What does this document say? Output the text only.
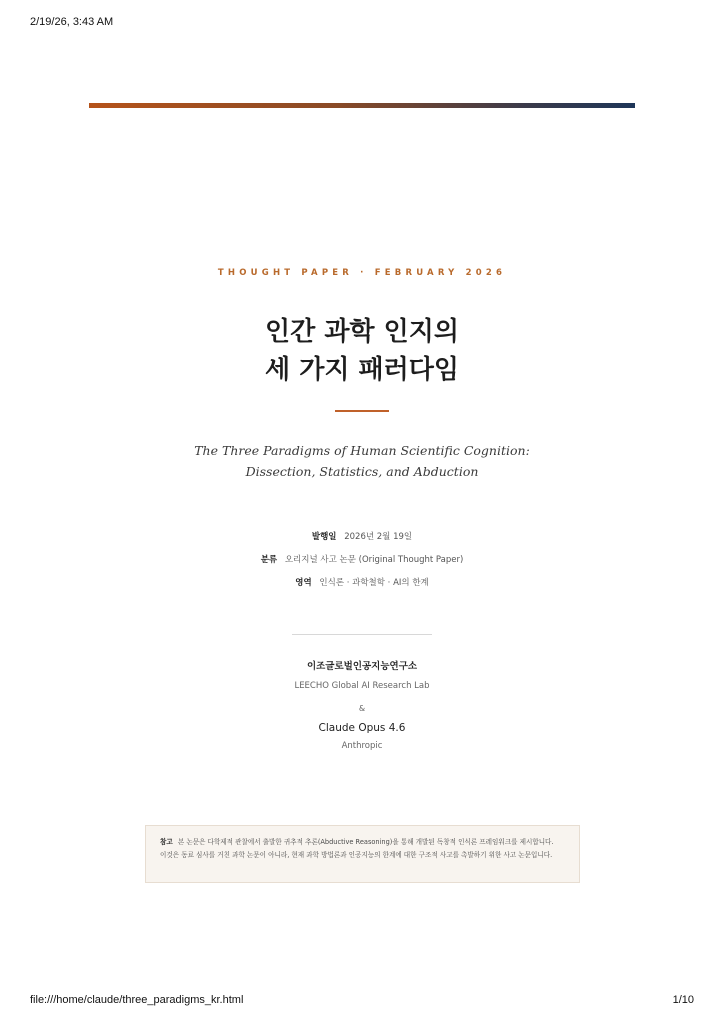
2/19/26, 3:43 AM
THOUGHT PAPER · FEBRUARY 2026
인간 과학 인지의
세 가지 패러다임
The Three Paradigms of Human Scientific Cognition:
Dissection, Statistics, and Abduction
발행일 2026년 2월 19일
분류 오리지널 사고 논문 (Original Thought Paper)
영역 인식론 · 과학철학 · AI의 한계
이조글로벌인공지능연구소
LEECHO Global AI Research Lab
&
Claude Opus 4.6
Anthropic
참고 본 논문은 다학제적 관찰에서 출발한 귀추적 추론(Abductive Reasoning)을 통해 개발된 독창적 인식론 프레임워크를 제시합니다. 이것은 동료 심사를 거친 과학 논문이 아니라, 현재 과학 방법론과 인공지능의 한계에 대한 구조적 사고를 촉발하기 위한 사고 논문입니다.
file:///home/claude/three_paradigms_kr.html	1/10
